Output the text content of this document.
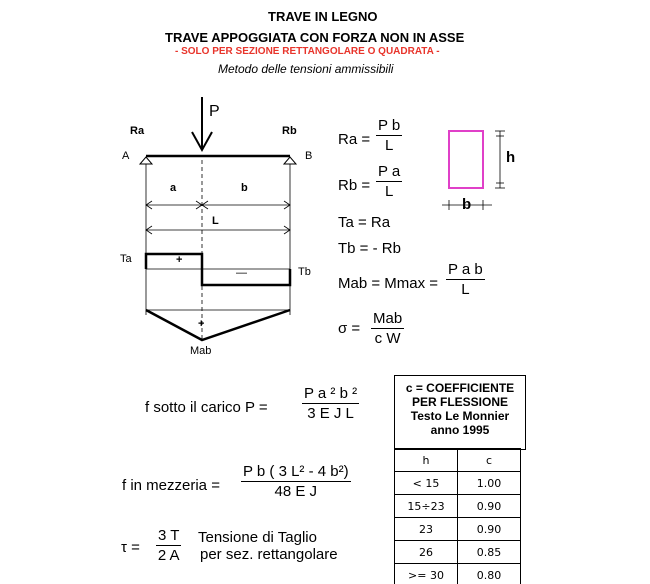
TRAVE IN LEGNO
TRAVE APPOGGIATA CON FORZA NON IN ASSE
- SOLO PER SEZIONE RETTANGOLARE O QUADRATA -
Metodo delle tensioni ammissibili
P
Ra	Rb
A	B
a	b
L
Ta
Tb
+
—
+
Mab
h
b
$Ra = \frac{\text{P b}}{L}$
$Rb = \frac{\text{P a}}{L}$
Ta = Ra
Tb = - Rb
Mab = $Mmax = \frac{\text{P a b}}{L}$
σ =
Mab
c W
f sotto il carico $P = \frac{\text{P a ² b ²}}{\text{3 E J L}}$
f in mezzeria = $\frac{\text{P b ( 3 L² - 4 b²)}}{\text{48 E J}}$
$\tau = \frac{3 T}{2 A}$ Tensione di Taglio
per sez. rettangolare
c = COEFFICIENTE
PER FLESSIONE
Testo Le Monnier
anno 1995
h	c
< 15	1.00
15÷23	0.90
23	0.90
26	0.85
>= 30	0.80
